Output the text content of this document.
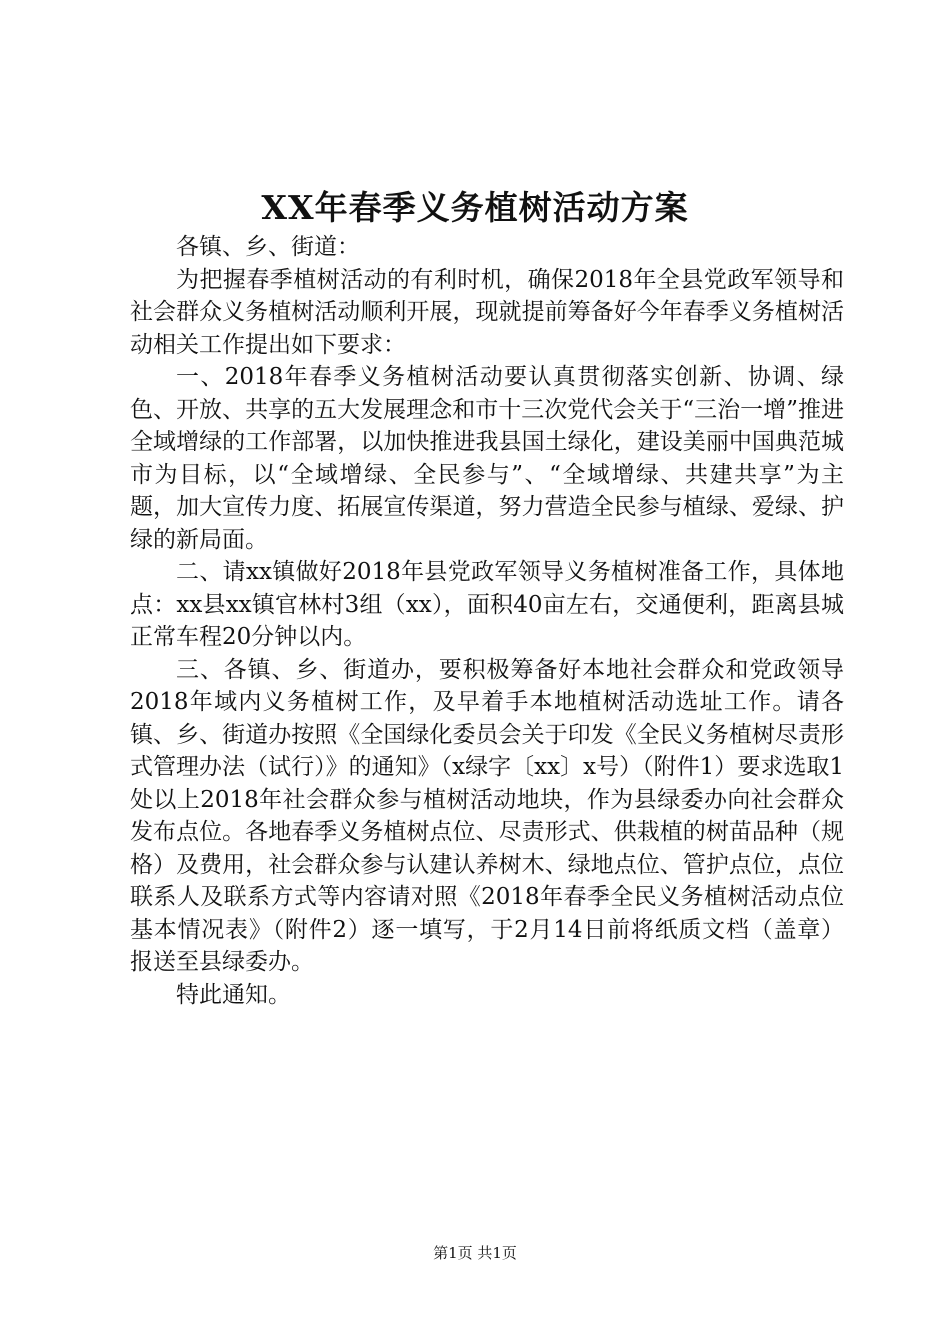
XX年春季义务植树活动方案

各镇、乡、街道：

为把握春季植树活动的有利时机，确保2018年全县党政军领导和社会群众义务植树活动顺利开展，现就提前筹备好今年春季义务植树活动相关工作提出如下要求：

一、2018年春季义务植树活动要认真贯彻落实创新、协调、绿色、开放、共享的五大发展理念和市十三次党代会关于“三治一增”推进全域增绿的工作部署，以加快推进我县国土绿化，建设美丽中国典范城市为目标，以“全域增绿、全民参与”、“全域增绿、共建共享”为主题，加大宣传力度、拓展宣传渠道，努力营造全民参与植绿、爱绿、护绿的新局面。

二、请xx镇做好2018年县党政军领导义务植树准备工作，具体地点：xx县xx镇官林村3组（xx），面积40亩左右，交通便利，距离县城正常车程20分钟以内。

三、各镇、乡、街道办，要积极筹备好本地社会群众和党政领导2018年域内义务植树工作，及早着手本地植树活动选址工作。请各镇、乡、街道办按照《全国绿化委员会关于印发《全民义务植树尽责形式管理办法（试行）》的通知》（x绿字〔xx〕x号）（附件1）要求选取1处以上2018年社会群众参与植树活动地块，作为县绿委办向社会群众发布点位。各地春季义务植树点位、尽责形式、供栽植的树苗品种（规格）及费用，社会群众参与认建认养树木、绿地点位、管护点位，点位联系人及联系方式等内容请对照《2018年春季全民义务植树活动点位基本情况表》（附件2）逐一填写，于2月14日前将纸质文档（盖章）报送至县绿委办。

特此通知。

第1页 共1页
